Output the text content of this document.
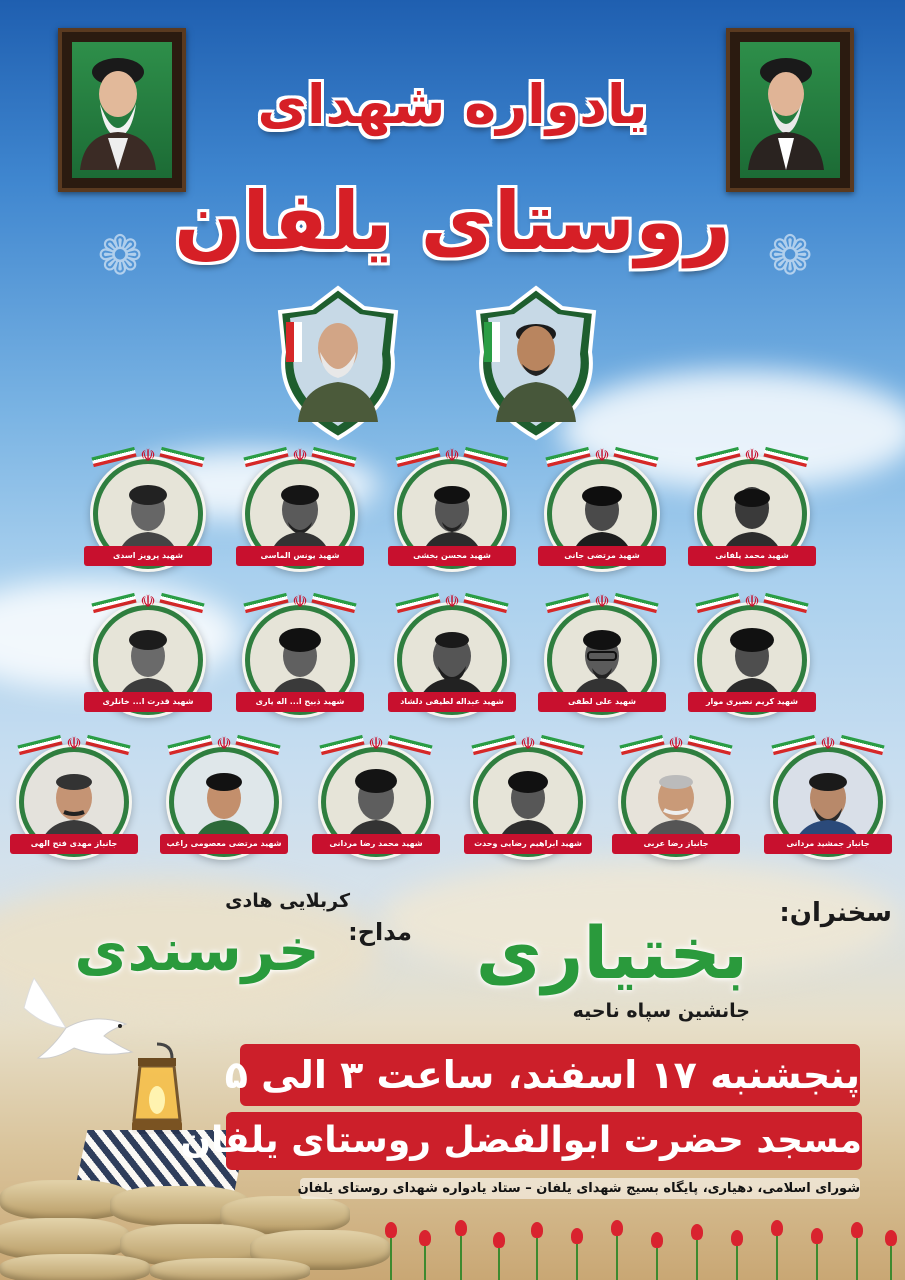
یادواره شهدای
روستای یلفان
❁	❁
☫
شهید محمد یلفانی
☫
شهید مرتضی جانی
☫
شهید محسن بخشی
☫
شهید یونس الماسی
☫
شهید پرویز اسدی
☫
شهید کریم نصیری موار
☫
شهید علی لطفی
☫
شهید عبداله لطیفی دلشاد
☫
شهید ذبیح ا... اله یاری
☫
شهید قدرت ا... خانلری
☫
جانباز جمشید مردانی
☫
جانباز رضا عربی
☫
شهید ابراهیم رضایی وحدت
☫
شهید محمد رضا مردانی
☫
شهید مرتضی معصومی راغب
☫
جانباز مهدی فتح الهی
سخنران:
بختیاری
جانشین سپاه ناحیه
مداح:
کربلایی هادی
خرسندی
پنجشنبه ۱۷ اسفند، ساعت ۳ الی ۵
مسجد حضرت ابوالفضل روستای یلفان
شورای اسلامی، دهیاری، پایگاه بسیج شهدای یلفان – ستاد یادواره شهدای روستای یلفان
